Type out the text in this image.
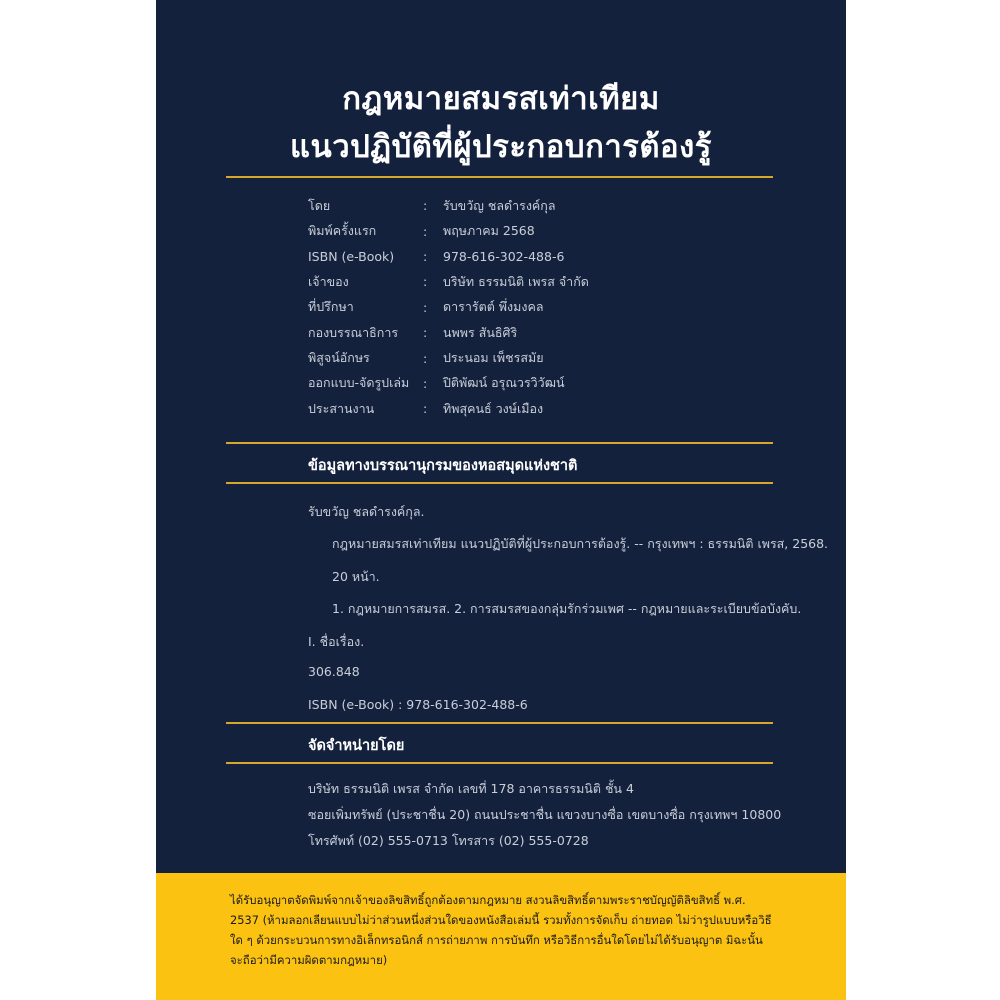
กฎหมายสมรสเท่าเทียม
แนวปฏิบัติที่ผู้ประกอบการต้องรู้
โดย	:	รับขวัญ ชลดำรงค์กุล
พิมพ์ครั้งแรก	:	พฤษภาคม 2568
ISBN (e-Book)	:	978-616-302-488-6
เจ้าของ	:	บริษัท ธรรมนิติ เพรส จำกัด
ที่ปรึกษา	:	ดารารัตต์ พึ่งมงคล
กองบรรณาธิการ	:	นพพร สันธิศิริ
พิสูจน์อักษร	:	ประนอม เพ็ชรสมัย
ออกแบบ-จัดรูปเล่ม	:	ปิติพัฒน์ อรุณวรวิวัฒน์
ประสานงาน	:	ทิพสุคนธ์ วงษ์เมือง
ข้อมูลทางบรรณานุกรมของหอสมุดแห่งชาติ
รับขวัญ ชลดำรงค์กุล.
กฎหมายสมรสเท่าเทียม แนวปฏิบัติที่ผู้ประกอบการต้องรู้. -- กรุงเทพฯ : ธรรมนิติ เพรส, 2568.
20 หน้า.
1. กฎหมายการสมรส. 2. การสมรสของกลุ่มรักร่วมเพศ -- กฎหมายและระเบียบข้อบังคับ.
I. ชื่อเรื่อง.
306.848
ISBN (e-Book) : 978-616-302-488-6
จัดจำหน่ายโดย
บริษัท ธรรมนิติ เพรส จำกัด เลขที่ 178 อาคารธรรมนิติ ชั้น 4
ซอยเพิ่มทรัพย์ (ประชาชื่น 20) ถนนประชาชื่น แขวงบางซื่อ เขตบางซื่อ กรุงเทพฯ 10800
โทรศัพท์ (02) 555-0713 โทรสาร (02) 555-0728
ได้รับอนุญาตจัดพิมพ์จากเจ้าของลิขสิทธิ์ถูกต้องตามกฎหมาย สงวนลิขสิทธิ์ตามพระราชบัญญัติลิขสิทธิ์ พ.ศ. 2537 (ห้ามลอกเลียนแบบไม่ว่าส่วนหนึ่งส่วนใดของหนังสือเล่มนี้ รวมทั้งการจัดเก็บ ถ่ายทอด ไม่ว่ารูปแบบหรือวิธีใด ๆ ด้วยกระบวนการทางอิเล็กทรอนิกส์ การถ่ายภาพ การบันทึก หรือวิธีการอื่นใดโดยไม่ได้รับอนุญาต มิฉะนั้น จะถือว่ามีความผิดตามกฎหมาย)
